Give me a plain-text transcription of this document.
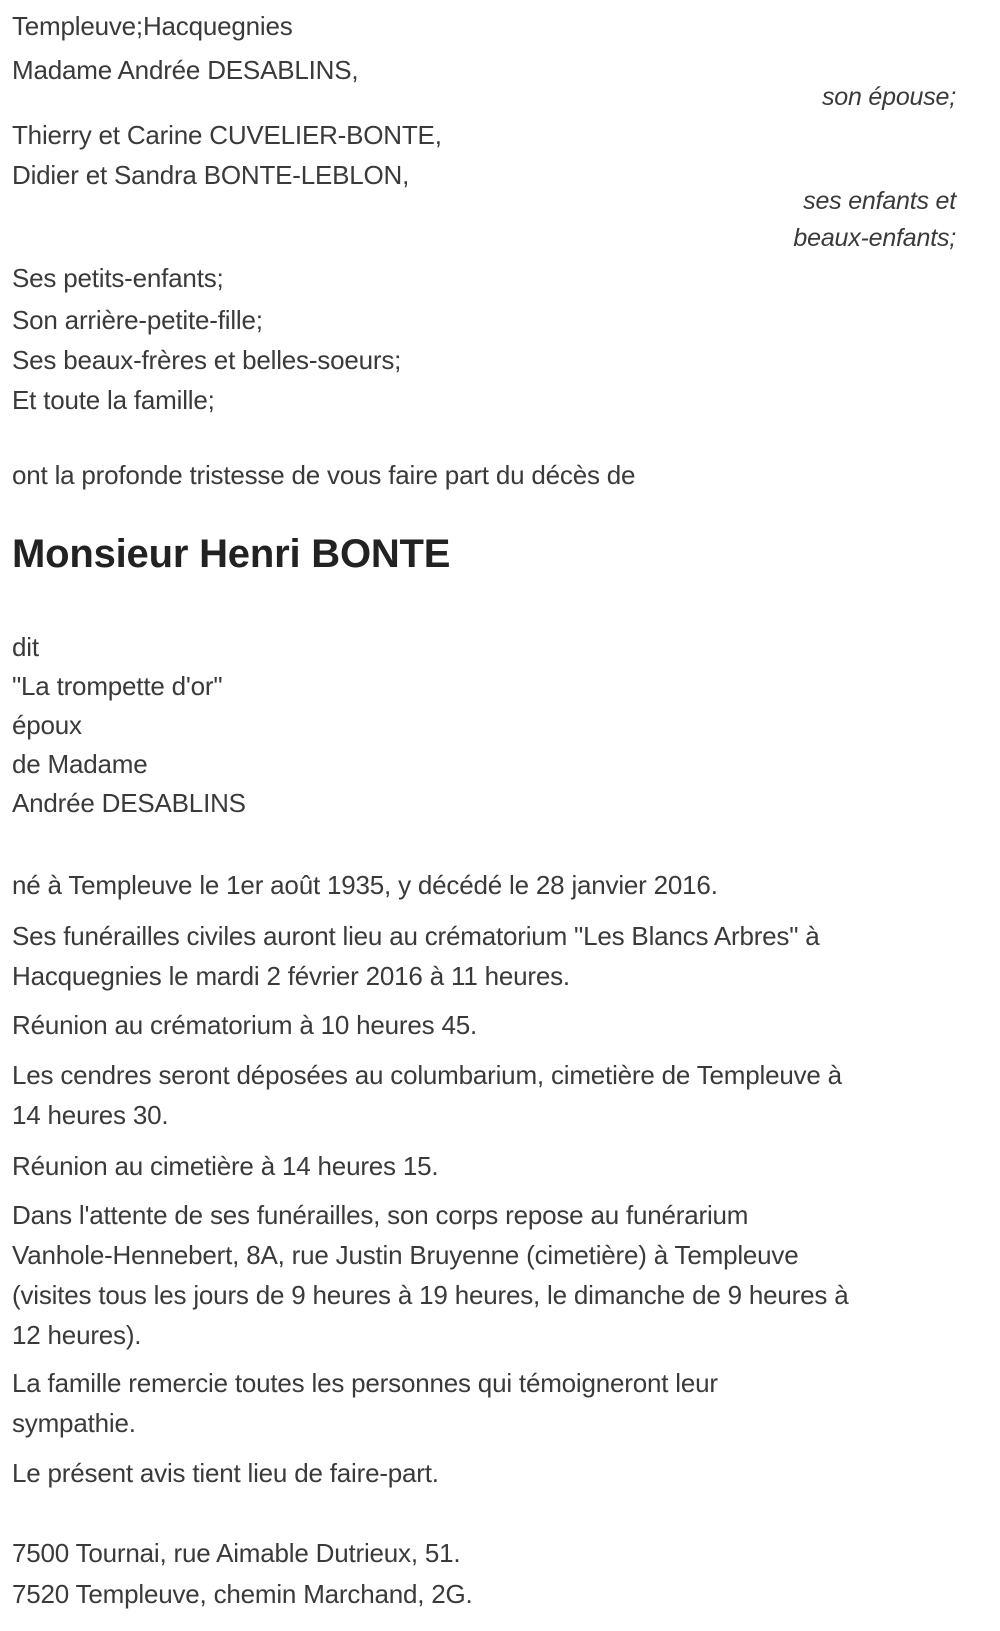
Templeuve;Hacquegnies
Madame Andrée DESABLINS,
son épouse;
Thierry et Carine CUVELIER-BONTE,
Didier et Sandra BONTE-LEBLON,
ses enfants et
beaux-enfants;
Ses petits-enfants;
Son arrière-petite-fille;
Ses beaux-frères et belles-soeurs;
Et toute la famille;
ont la profonde tristesse de vous faire part du décès de
Monsieur Henri BONTE
dit
"La trompette d'or"
époux
de Madame
Andrée DESABLINS
né à Templeuve le 1er août 1935, y décédé le 28 janvier 2016.
Ses funérailles civiles auront lieu au crématorium "Les Blancs Arbres" à
Hacquegnies le mardi 2 février 2016 à 11 heures.
Réunion au crématorium à 10 heures 45.
Les cendres seront déposées au columbarium, cimetière de Templeuve à
14 heures 30.
Réunion au cimetière à 14 heures 15.
Dans l'attente de ses funérailles, son corps repose au funérarium
Vanhole-Hennebert, 8A, rue Justin Bruyenne (cimetière) à Templeuve
(visites tous les jours de 9 heures à 19 heures, le dimanche de 9 heures à
12 heures).
La famille remercie toutes les personnes qui témoigneront leur
sympathie.
Le présent avis tient lieu de faire-part.
7500 Tournai, rue Aimable Dutrieux, 51.
7520 Templeuve, chemin Marchand, 2G.
